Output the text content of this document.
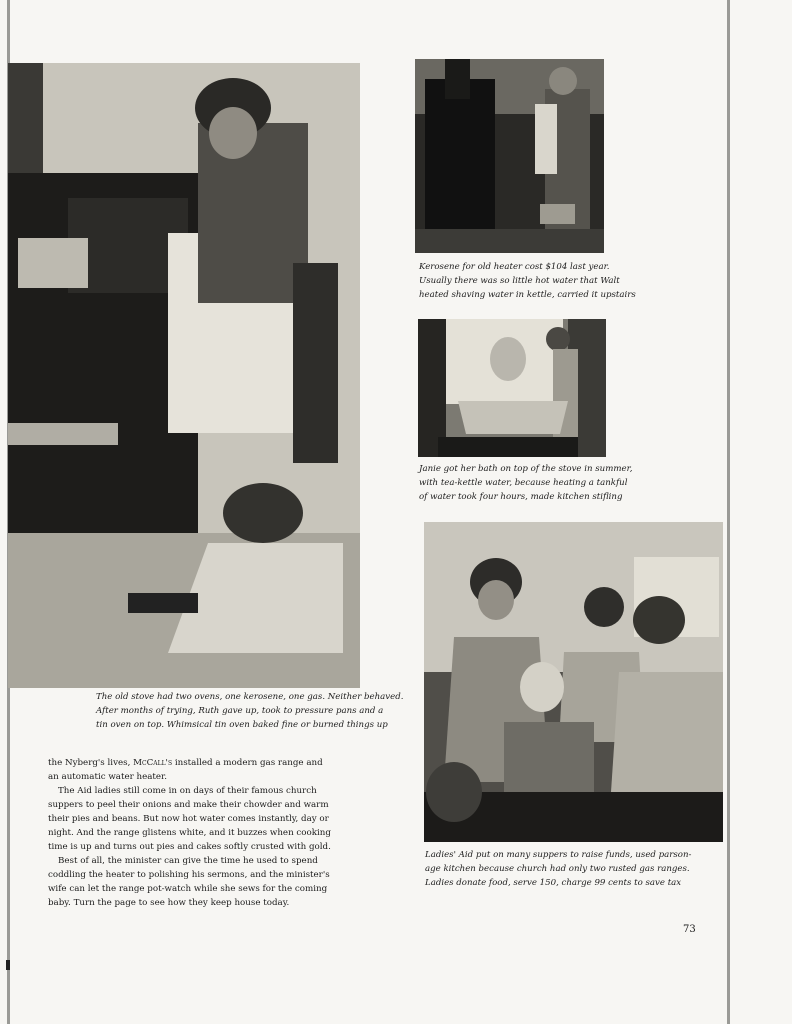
The old stove had two ovens, one kerosene, one gas. Neither behaved.
After months of trying, Ruth gave up, took to pressure pans and a
tin oven on top. Whimsical tin oven baked fine or burned things up
Kerosene for old heater cost $104 last year.
Usually there was so little hot water that Walt
heated shaving water in kettle, carried it upstairs
Janie got her bath on top of the stove in summer,
with tea-kettle water, because heating a tankful
of water took four hours, made kitchen stifling
Ladies' Aid put on many suppers to raise funds, used parson-
age kitchen because church had only two rusted gas ranges.
Ladies donate food, serve 150, charge 99 cents to save tax

the Nyberg's lives, McCall's installed a modern gas range and
an automatic water heater.

The Aid ladies still come in on days of their famous church
suppers to peel their onions and make their chowder and warm
their pies and beans. But now hot water comes instantly, day or
night. And the range glistens white, and it buzzes when cooking
time is up and turns out pies and cakes softly crusted with gold.

Best of all, the minister can give the time he used to spend
coddling the heater to polishing his sermons, and the minister's
wife can let the range pot-watch while she sews for the coming
baby. Turn the page to see how they keep house today.

73
